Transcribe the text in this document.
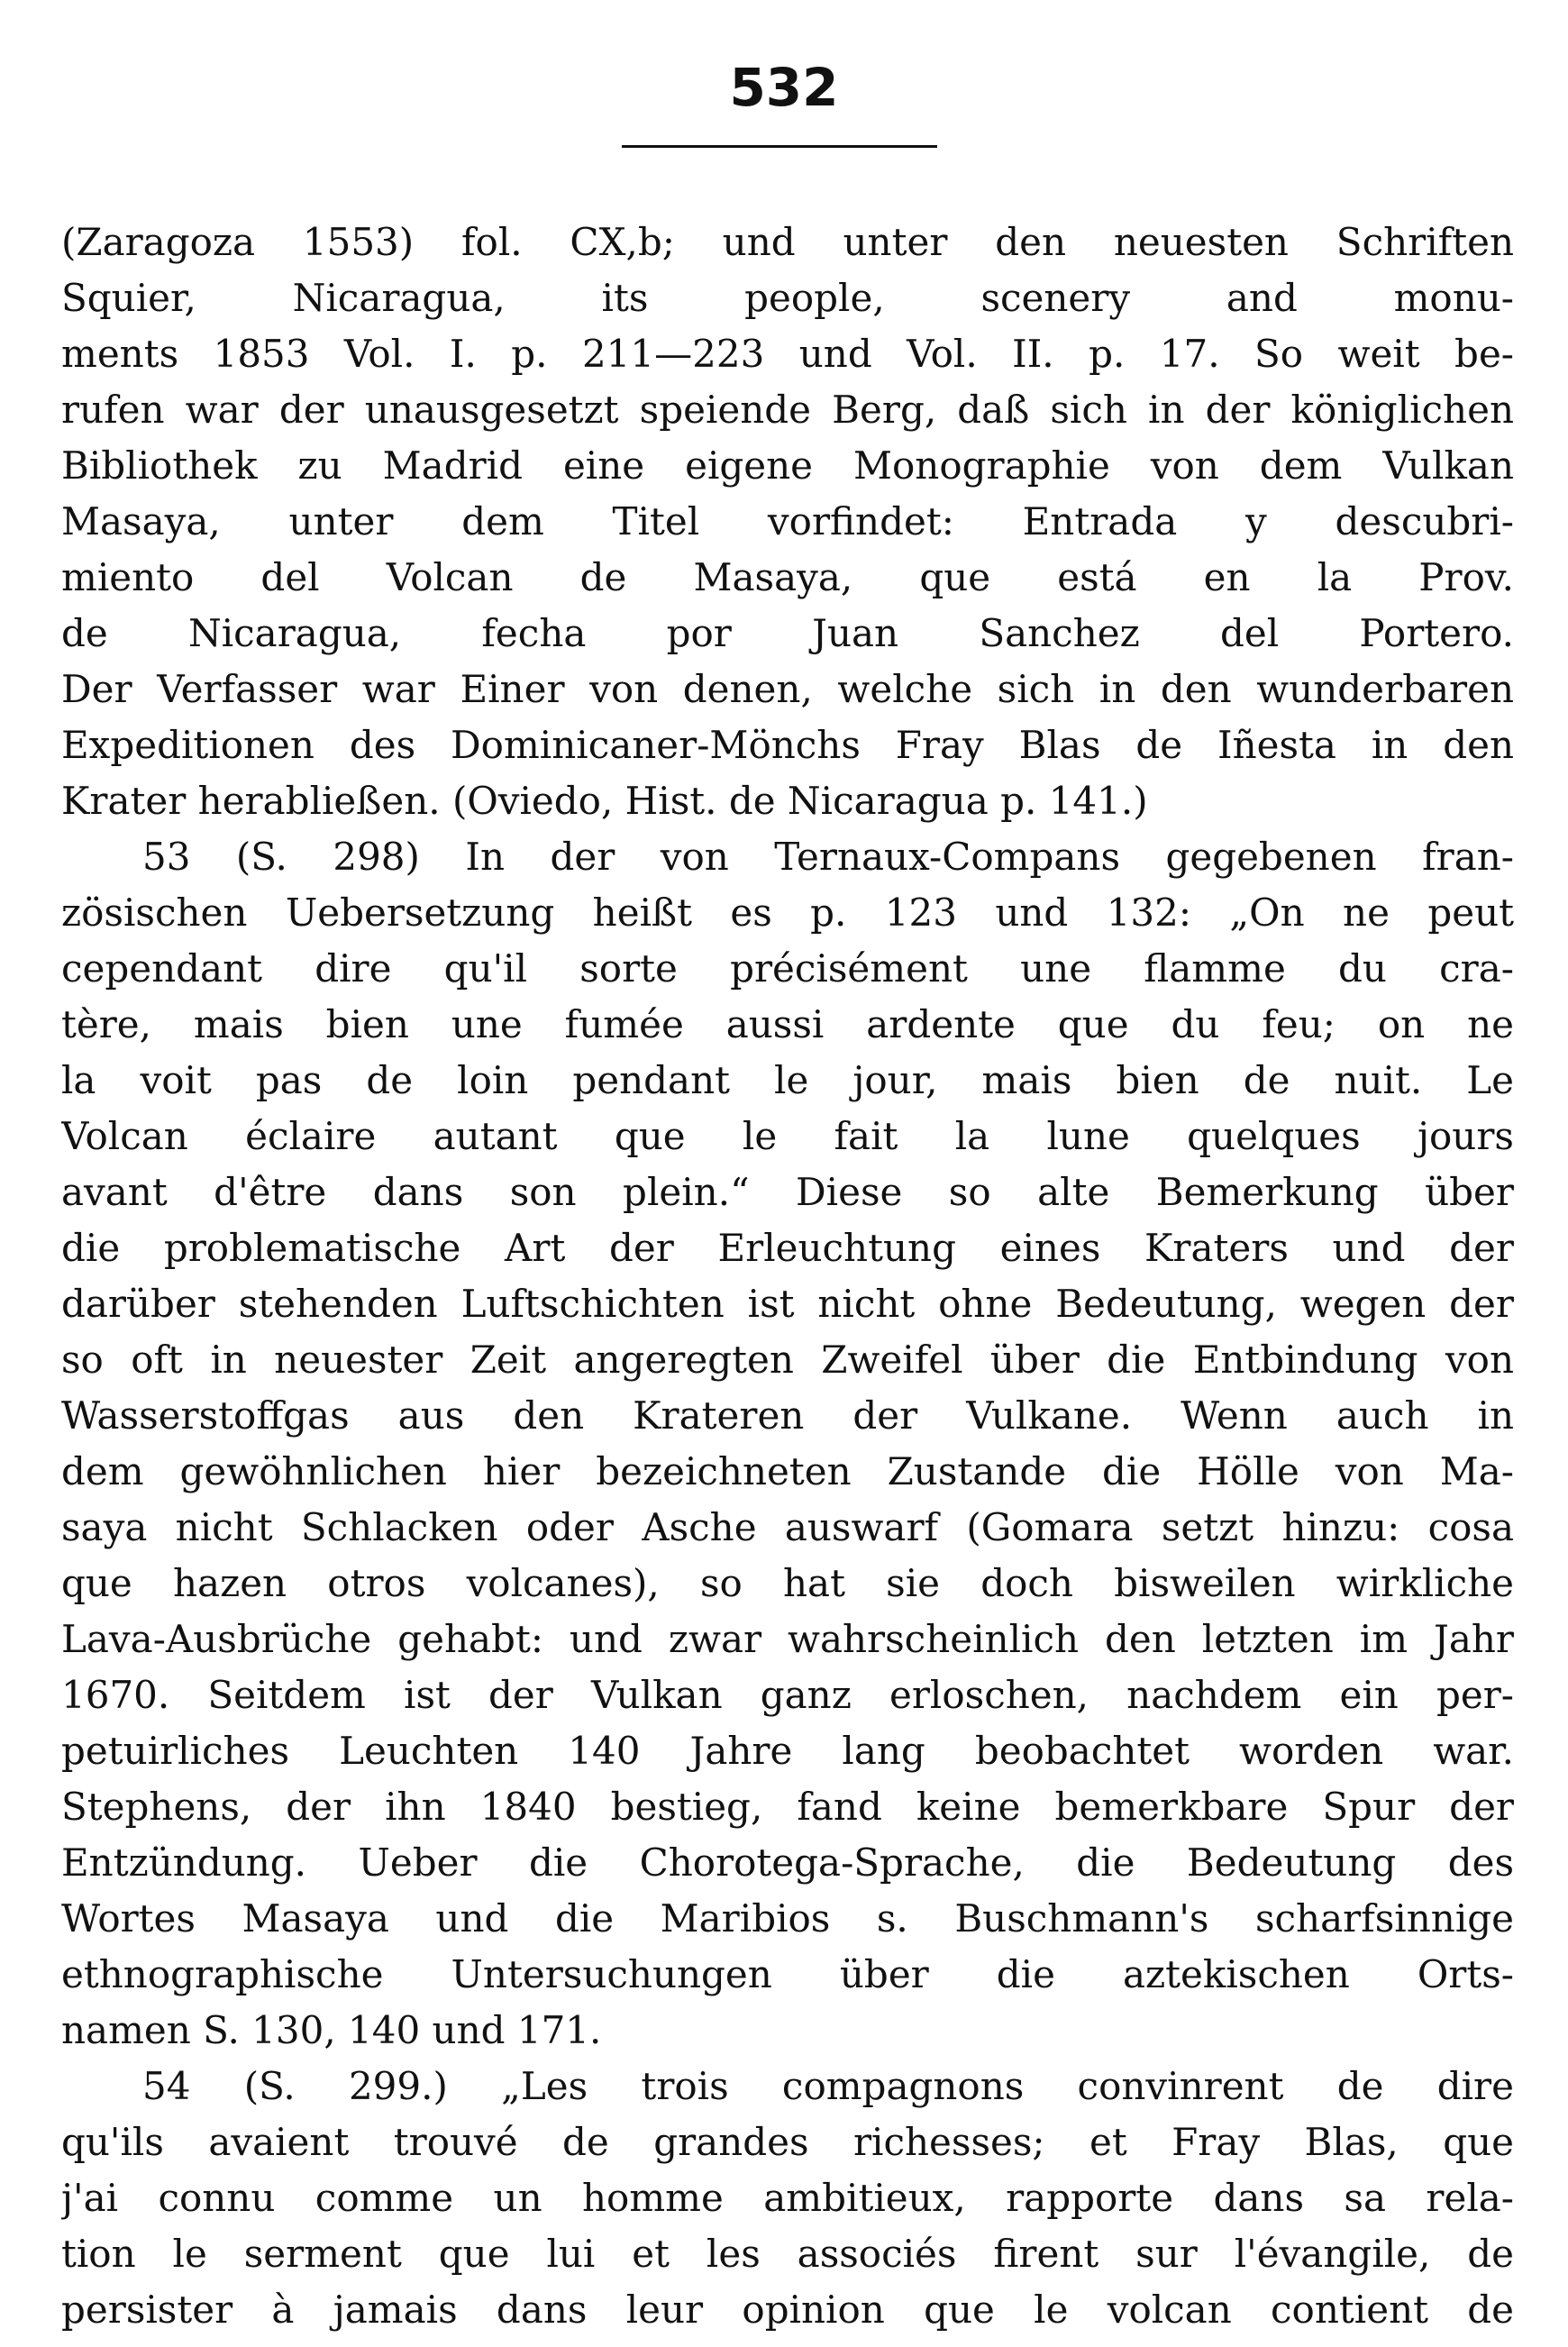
532
(Zaragoza 1553) fol. CX,b; und unter den neuesten Schriften
Squier, Nicaragua, its people, scenery and monu-
ments 1853 Vol. I. p. 211—223 und Vol. II. p. 17. So weit be-
rufen war der unausgesetzt speiende Berg, daß sich in der königlichen
Bibliothek zu Madrid eine eigene Monographie von dem Vulkan
Masaya, unter dem Titel vorfindet: Entrada y descubri-
miento del Volcan de Masaya, que está en la Prov.
de Nicaragua, fecha por Juan Sanchez del Portero.
Der Verfasser war Einer von denen, welche sich in den wunderbaren
Expeditionen des Dominicaner-Mönchs Fray Blas de Iñesta in den
Krater herabließen. (Oviedo, Hist. de Nicaragua p. 141.)
53 (S. 298) In der von Ternaux-Compans gegebenen fran-
zösischen Uebersetzung heißt es p. 123 und 132: „On ne peut
cependant dire qu'il sorte précisément une flamme du cra-
tère, mais bien une fumée aussi ardente que du feu; on ne
la voit pas de loin pendant le jour, mais bien de nuit. Le
Volcan éclaire autant que le fait la lune quelques jours
avant d'être dans son plein.“ Diese so alte Bemerkung über
die problematische Art der Erleuchtung eines Kraters und der
darüber stehenden Luftschichten ist nicht ohne Bedeutung, wegen der
so oft in neuester Zeit angeregten Zweifel über die Entbindung von
Wasserstoffgas aus den Krateren der Vulkane. Wenn auch in
dem gewöhnlichen hier bezeichneten Zustande die Hölle von Ma-
saya nicht Schlacken oder Asche auswarf (Gomara setzt hinzu: cosa
que hazen otros volcanes), so hat sie doch bisweilen wirkliche
Lava-Ausbrüche gehabt: und zwar wahrscheinlich den letzten im Jahr
1670. Seitdem ist der Vulkan ganz erloschen, nachdem ein per-
petuirliches Leuchten 140 Jahre lang beobachtet worden war.
Stephens, der ihn 1840 bestieg, fand keine bemerkbare Spur der
Entzündung. Ueber die Chorotega-Sprache, die Bedeutung des
Wortes Masaya und die Maribios s. Buschmann's scharfsinnige
ethnographische Untersuchungen über die aztekischen Orts-
namen S. 130, 140 und 171.
54 (S. 299.) „Les trois compagnons convinrent de dire
qu'ils avaient trouvé de grandes richesses; et Fray Blas, que
j'ai connu comme un homme ambitieux, rapporte dans sa rela-
tion le serment que lui et les associés firent sur l'évangile, de
persister à jamais dans leur opinion que le volcan contient de
